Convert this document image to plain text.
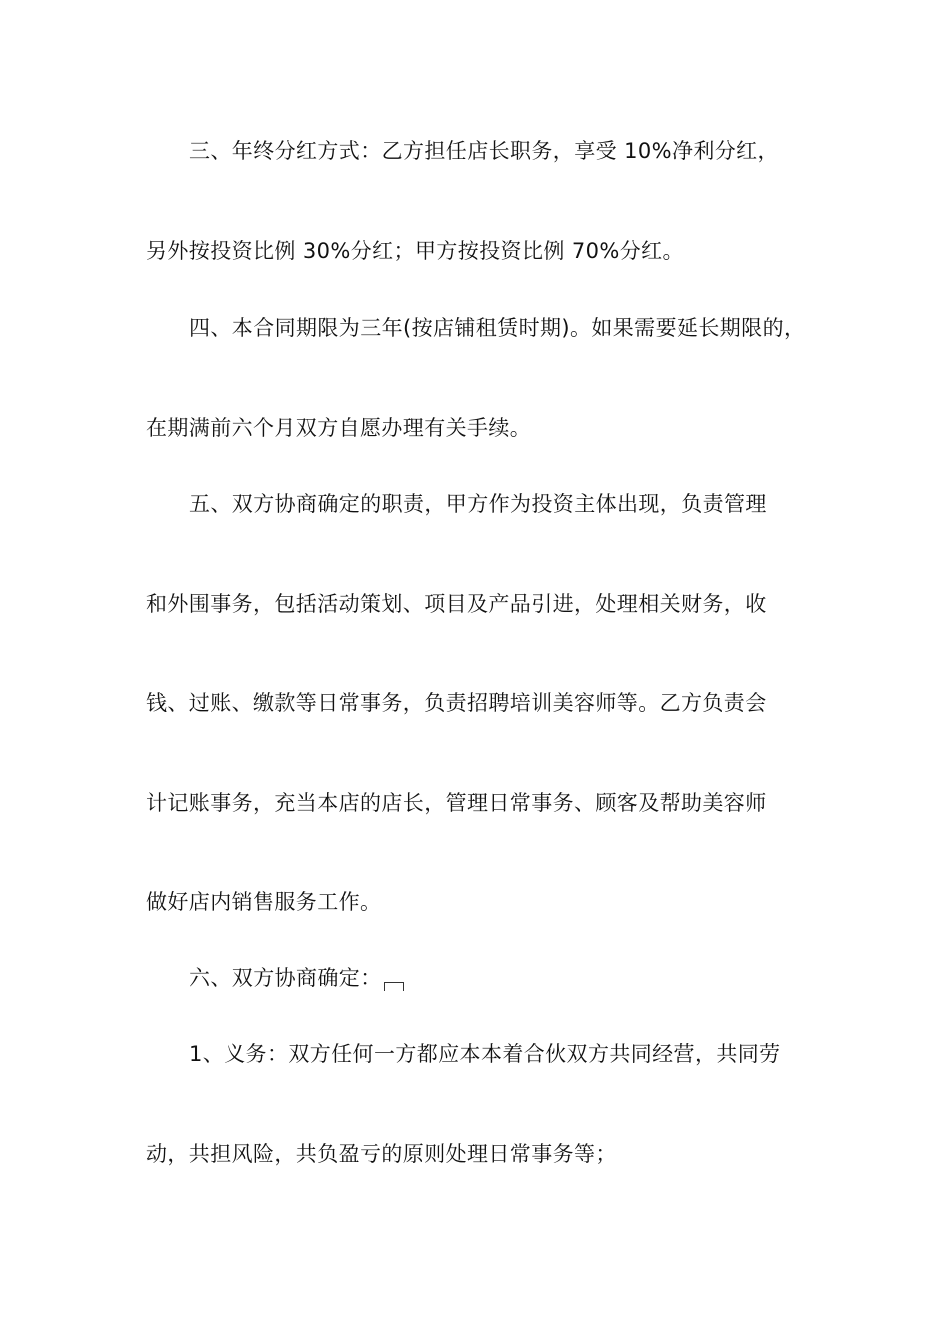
三、年终分红方式：乙方担任店长职务，享受 10%净利分红，
另外按投资比例 30%分红；甲方按投资比例 70%分红。
四、本合同期限为三年(按店铺租赁时期)。如果需要延长期限的，
在期满前六个月双方自愿办理有关手续。
五、双方协商确定的职责，甲方作为投资主体出现，负责管理
和外围事务，包括活动策划、项目及产品引进，处理相关财务，收
钱、过账、缴款等日常事务，负责招聘培训美容师等。乙方负责会
计记账事务，充当本店的店长，管理日常事务、顾客及帮助美容师
做好店内销售服务工作。
六、双方协商确定：
1、义务：双方任何一方都应本本着合伙双方共同经营，共同劳
动，共担风险，共负盈亏的原则处理日常事务等；
